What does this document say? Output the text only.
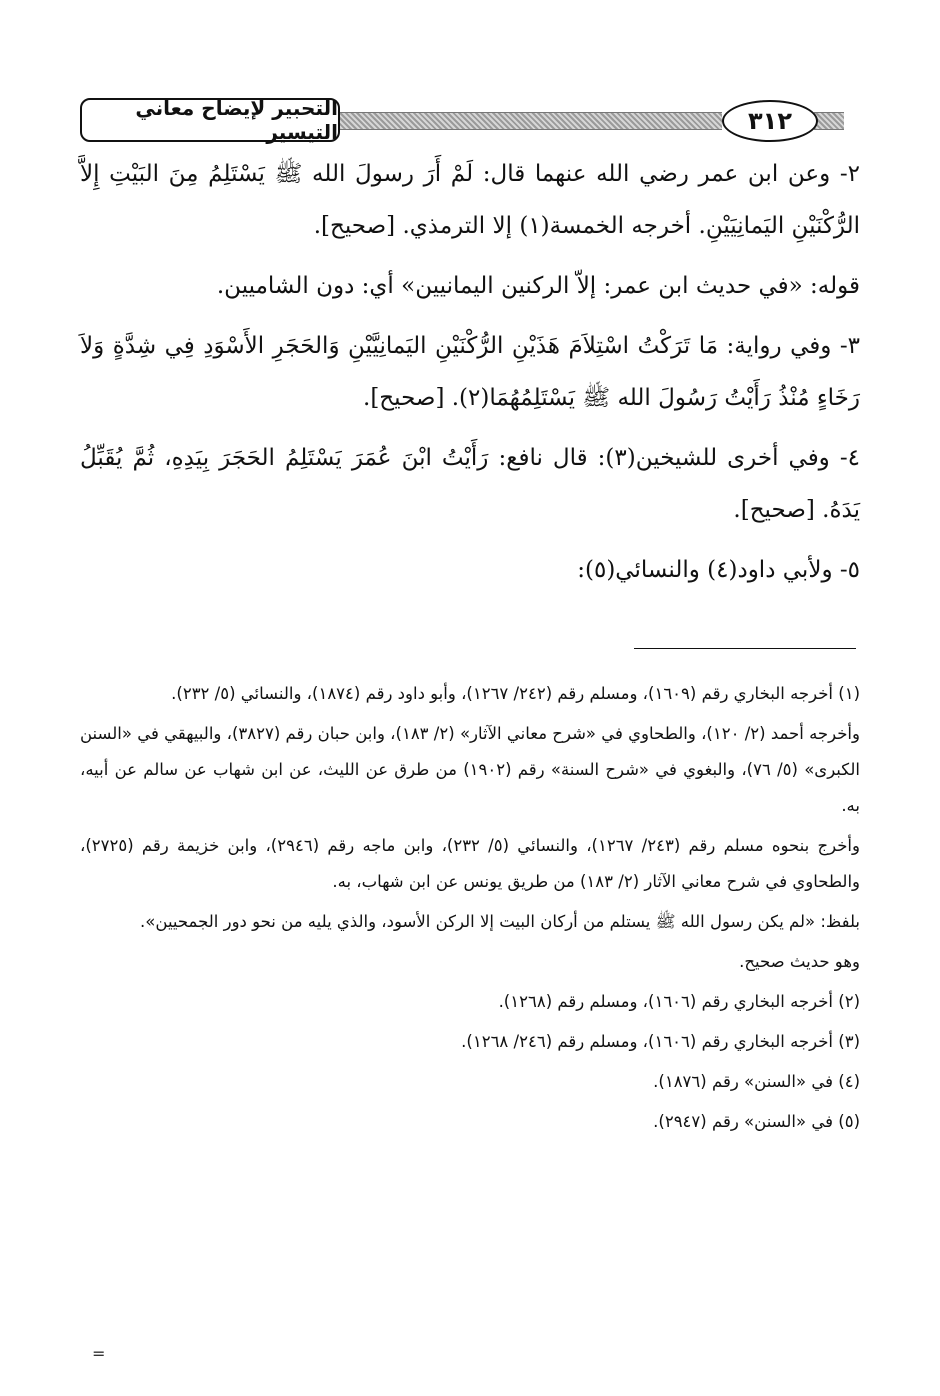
التحبير لإيضاح معاني التيسير	٣١٢

٢- وعن ابن عمر رضي الله عنهما قال: لَمْ أَرَ رسولَ الله ﷺ يَسْتَلِمُ مِنَ البَيْتِ إِلاَّ الرُّكْنَيْنِ اليَمانِيَيْنِ. أخرجه الخمسة(١) إلا الترمذي. [صحيح].

قوله: «في حديث ابن عمر: إلاّ الركنين اليمانيين» أي: دون الشاميين.

٣- وفي رواية: مَا تَرَكْتُ اسْتِلاَمَ هَذَيْنِ الرُّكْنَيْنِ اليَمانِيَّيْنِ وَالحَجَرِ الأَسْوَدِ فِي شِدَّةٍ وَلاَ رَخَاءٍ مُنْذُ رَأَيْتُ رَسُولَ الله ﷺ يَسْتَلِمُهُمَا(٢). [صحيح].

٤- وفي أخرى للشيخين(٣): قال نافع: رَأَيْتُ ابْنَ عُمَرَ يَسْتَلِمُ الحَجَرَ بِيَدِهِ، ثُمَّ يُقَبِّلُ يَدَهُ. [صحيح].

٥- ولأبي داود(٤) والنسائي(٥):

(١) أخرجه البخاري رقم (١٦٠٩)، ومسلم رقم (٢٤٢/ ١٢٦٧)، وأبو داود رقم (١٨٧٤)، والنسائي (٥/ ٢٣٢).

وأخرجه أحمد (٢/ ١٢٠)، والطحاوي في «شرح معاني الآثار» (٢/ ١٨٣)، وابن حبان رقم (٣٨٢٧)، والبيهقي في «السنن الكبرى» (٥/ ٧٦)، والبغوي في «شرح السنة» رقم (١٩٠٢) من طرق عن الليث، عن ابن شهاب عن سالم عن أبيه، به.

وأخرج بنحوه مسلم رقم (٢٤٣/ ١٢٦٧)، والنسائي (٥/ ٢٣٢)، وابن ماجه رقم (٢٩٤٦)، وابن خزيمة رقم (٢٧٢٥)، والطحاوي في شرح معاني الآثار (٢/ ١٨٣) من طريق يونس عن ابن شهاب، به.

بلفظ: «لم يكن رسول الله ﷺ يستلم من أركان البيت إلا الركن الأسود، والذي يليه من نحو دور الجمحيين».

وهو حديث صحيح.

(٢) أخرجه البخاري رقم (١٦٠٦)، ومسلم رقم (١٢٦٨).

(٣) أخرجه البخاري رقم (١٦٠٦)، ومسلم رقم (٢٤٦/ ١٢٦٨).

(٤) في «السنن» رقم (١٨٧٦).

(٥) في «السنن» رقم (٢٩٤٧).

=
